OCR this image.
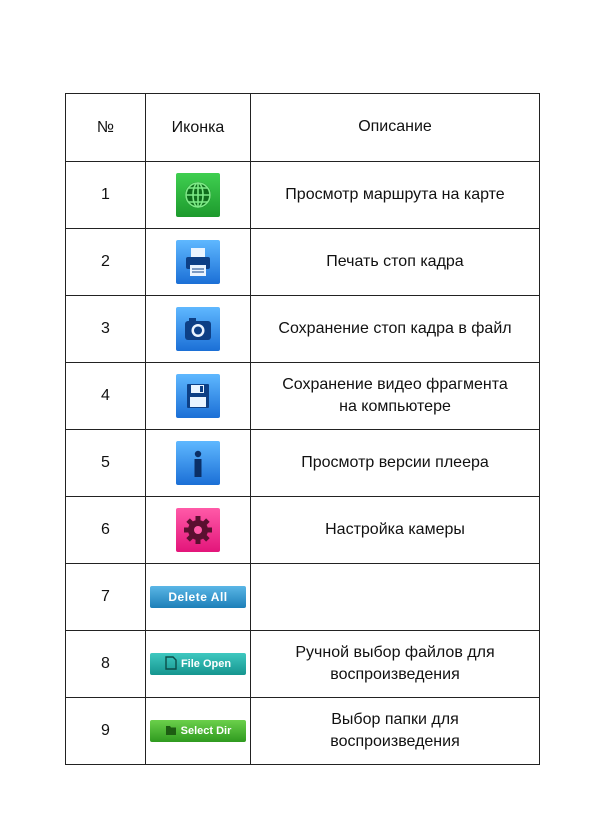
№	Иконка	Описание
1		Просмотр маршрута на карте
2		Печать стоп кадра
3		Сохранение стоп кадра в файл
4		Сохранение видео фрагмента
на компьютере
5		Просмотр версии плеера
6		Настройка камеры
7	Delete All	
8	File Open	Ручной выбор файлов для
воспроизведения
9	Select Dir	Выбор папки для
воспроизведения
